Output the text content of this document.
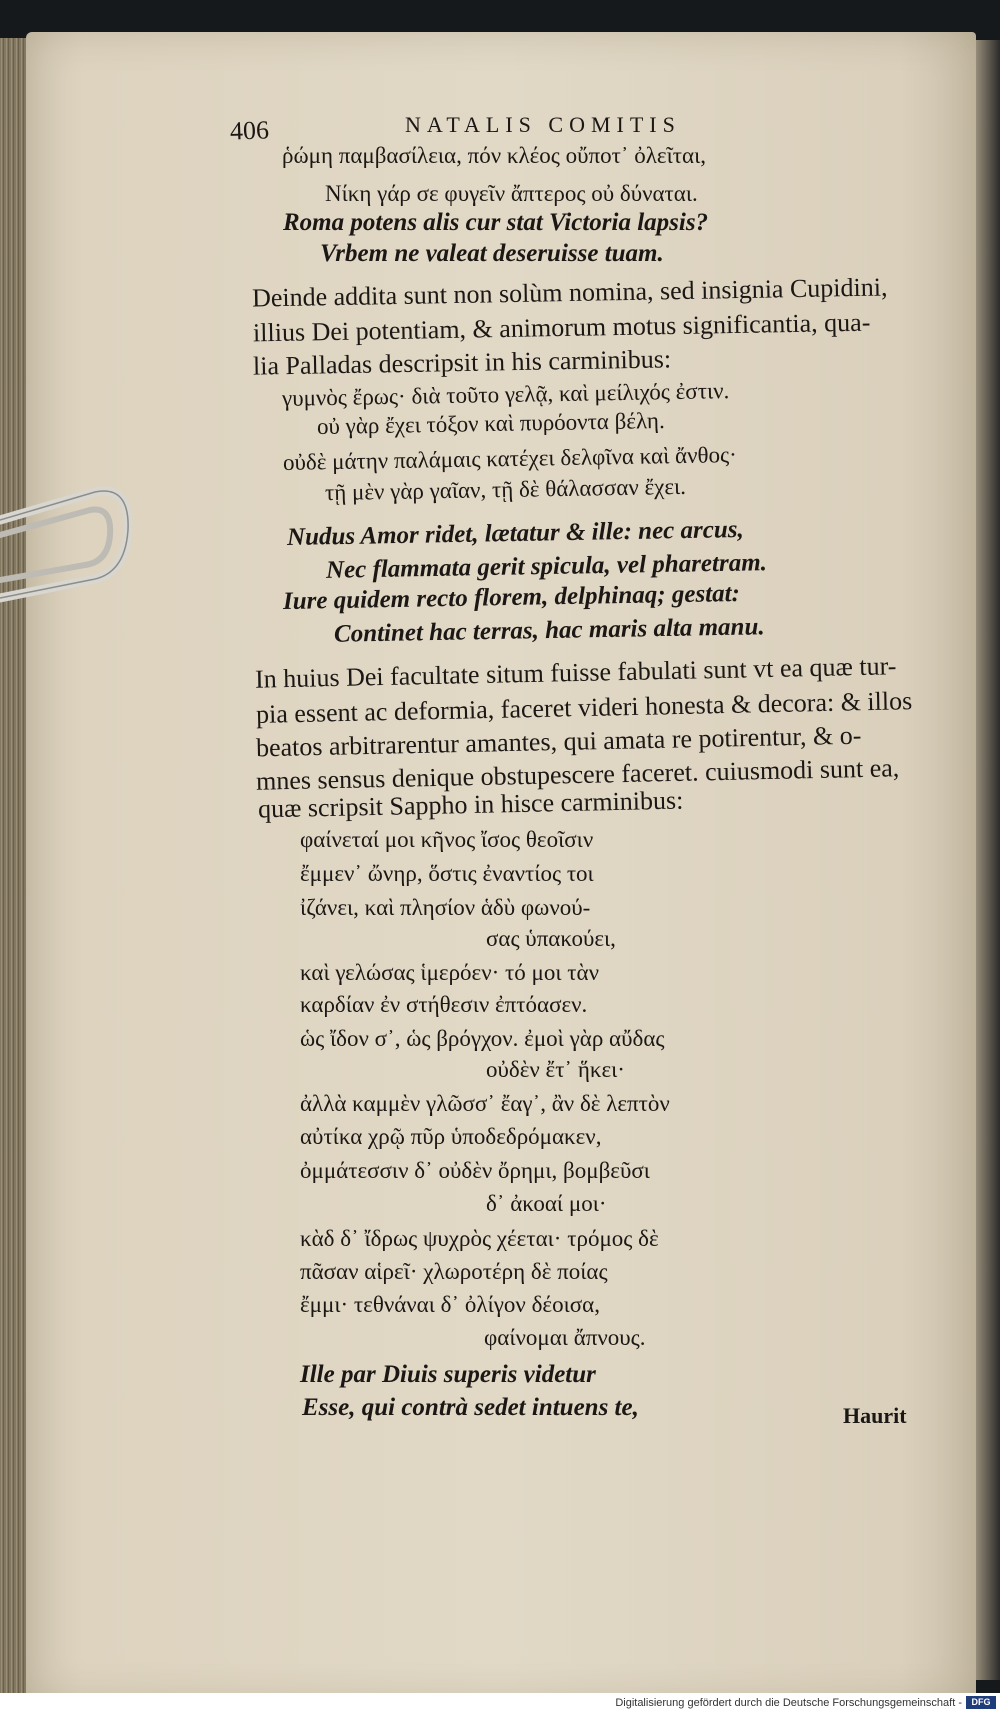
406	NATALIS COMITIS
ῥώμη παμβασίλεια, πόν κλέος οὔποτ᾽ ὀλεῖται,
Νίκη γάρ σε φυγεῖν ἄπτερος οὐ δύναται.
Roma potens alis cur stat Victoria lapsis?
Vrbem ne valeat deseruisse tuam.
Deinde addita sunt non solùm nomina, sed insignia Cupidini,
illius Dei potentiam, & animorum motus significantia, qua-
lia Palladas descripsit in his carminibus:
γυμνὸς ἔρως· διὰ τοῦτο γελᾷ, καὶ μείλιχός ἐστιν.
οὐ γὰρ ἔχει τόξον καὶ πυρόοντα βέλη.
οὐδὲ μάτην παλάμαις κατέχει δελφῖνα καὶ ἄνθος·
τῇ μὲν γὰρ γαῖαν, τῇ δὲ θάλασσαν ἔχει.
Nudus Amor ridet, lætatur & ille: nec arcus,
Nec flammata gerit spicula, vel pharetram.
Iure quidem recto florem, delphinaq; gestat:
Continet hac terras, hac maris alta manu.
In huius Dei facultate situm fuisse fabulati sunt vt ea quæ tur-
pia essent ac deformia, faceret videri honesta & decora: & illos
beatos arbitrarentur amantes, qui amata re potirentur, & o-
mnes sensus denique obstupescere faceret. cuiusmodi sunt ea,
quæ scripsit Sappho in hisce carminibus:
φαίνεταί μοι κῆνος ἴσος θεοῖσιν
ἔμμεν᾽ ὤνηρ, ὅστις ἐναντίος τοι
ἰζάνει, καὶ πλησίον ἁδὺ φωνού-
σας ὑπακούει,
καὶ γελώσας ἱμερόεν· τό μοι τὰν
καρδίαν ἐν στήθεσιν ἐπτόασεν.
ὡς ἴδον σ᾽, ὡς βρόγχον. ἐμοὶ γὰρ αὔδας
οὐδὲν ἔτ᾽ ἥκει·
ἀλλὰ καμμὲν γλῶσσ᾽ ἔαγ᾽, ἂν δὲ λεπτὸν
αὐτίκα χρῷ πῦρ ὑποδεδρόμακεν,
ὀμμάτεσσιν δ᾽ οὐδὲν ὄρημι, βομβεῦσι
δ᾽ ἀκοαί μοι·
κὰδ δ᾽ ἴδρως ψυχρὸς χέεται· τρόμος δὲ
πᾶσαν αἱρεῖ· χλωροτέρη δὲ ποίας
ἔμμι· τεθνάναι δ᾽ ὀλίγον δέοισα,
φαίνομαι ἄπνους.
Ille par Diuis superis videtur
Esse, qui contrà sedet intuens te,	Haurit
Digitalisierung gefördert durch die Deutsche Forschungsgemeinschaft -	DFG
